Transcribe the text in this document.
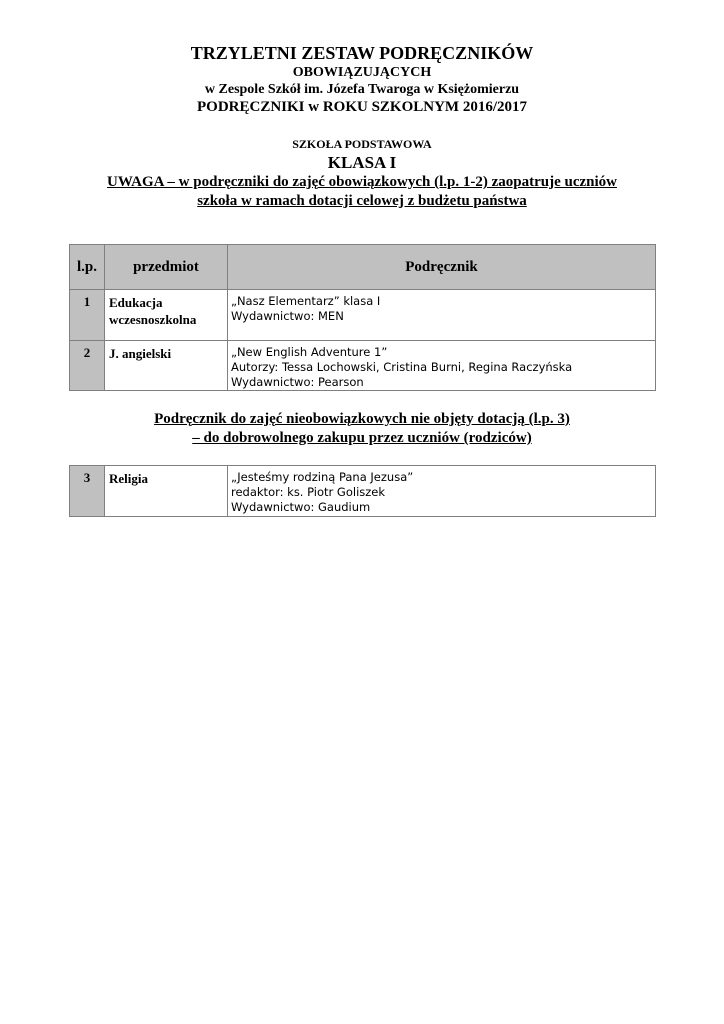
TRZYLETNI ZESTAW PODRĘCZNIKÓW

OBOWIĄZUJĄCYCH

w Zespole Szkół im. Józefa Twaroga w Księżomierzu

PODRĘCZNIKI w ROKU SZKOLNYM 2016/2017

SZKOŁA PODSTAWOWA

KLASA I

UWAGA – w podręczniki do zajęć obowiązkowych (l.p. 1-2) zaopatruje uczniów

szkoła w ramach dotacji celowej z budżetu państwa

l.p.	przedmiot	Podręcznik
1	Edukacja
wczesnoszkolna	„Nasz Elementarz” klasa I
Wydawnictwo: MEN

2	J. angielski	„New English Adventure 1”
Autorzy: Tessa Lochowski, Cristina Burni, Regina Raczyńska
Wydawnictwo: Pearson

Podręcznik do zajęć nieobowiązkowych nie objęty dotacją (l.p. 3)

– do dobrowolnego zakupu przez uczniów (rodziców)

3	Religia	„Jesteśmy rodziną Pana Jezusa”
redaktor: ks. Piotr Goliszek
Wydawnictwo: Gaudium
